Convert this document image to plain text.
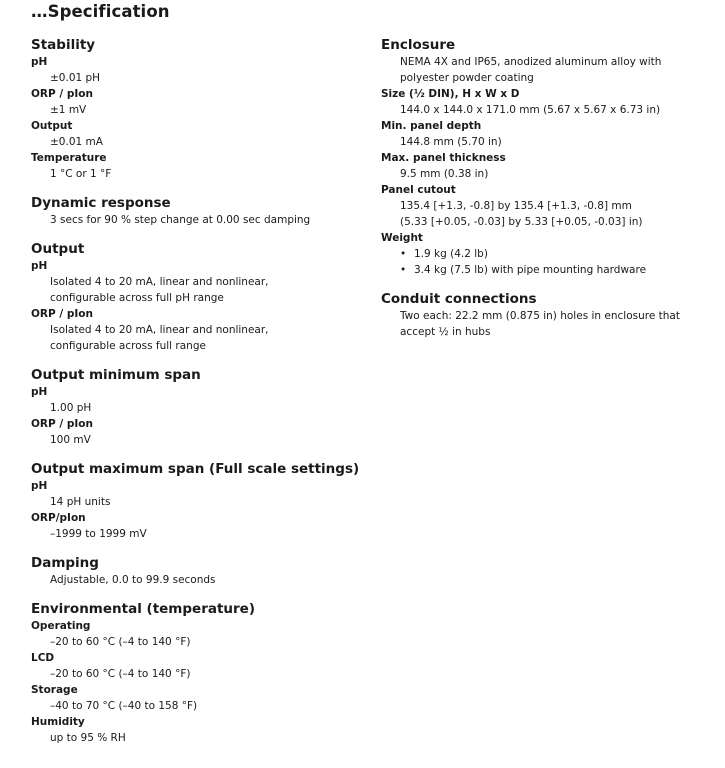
…Specification
Stability
pH
±0.01 pH
ORP / pIon
±1 mV
Output
±0.01 mA
Temperature
1 °C or 1 °F
Dynamic response
3 secs for 90 % step change at 0.00 sec damping
Output
pH
Isolated 4 to 20 mA, linear and nonlinear,
configurable across full pH range
ORP / pIon
Isolated 4 to 20 mA, linear and nonlinear,
configurable across full range
Output minimum span
pH
1.00 pH
ORP / pIon
100 mV
Output maximum span (Full scale settings)
pH
14 pH units
ORP/pIon
–1999 to 1999 mV
Damping
Adjustable, 0.0 to 99.9 seconds
Environmental (temperature)
Operating
–20 to 60 °C (–4 to 140 °F)
LCD
–20 to 60 °C (–4 to 140 °F)
Storage
–40 to 70 °C (–40 to 158 °F)
Humidity
up to 95 % RH
Enclosure
NEMA 4X and IP65, anodized aluminum alloy with
polyester powder coating
Size (½ DIN), H x W x D
144.0 x 144.0 x 171.0 mm (5.67 x 5.67 x 6.73 in)
Min. panel depth
144.8 mm (5.70 in)
Max. panel thickness
9.5 mm (0.38 in)
Panel cutout
135.4 [+1.3, -0.8] by 135.4 [+1.3, -0.8] mm
(5.33 [+0.05, -0.03] by 5.33 [+0.05, -0.03] in)
Weight
• 1.9 kg (4.2 lb)
• 3.4 kg (7.5 lb) with pipe mounting hardware
Conduit connections
Two each: 22.2 mm (0.875 in) holes in enclosure that
accept ½ in hubs
